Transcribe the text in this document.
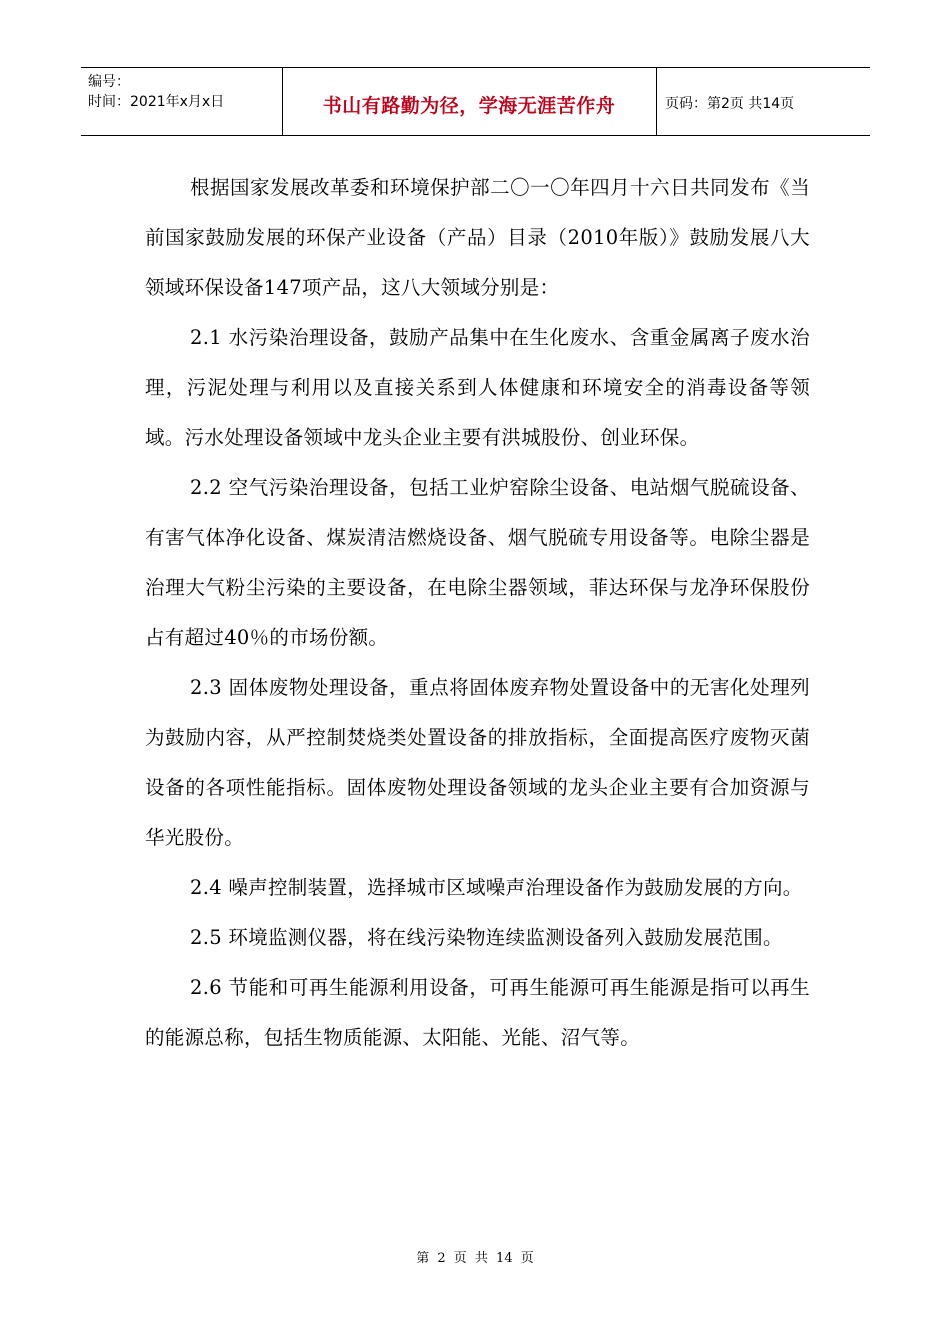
编号：
时间：2021年x月x日	书山有路勤为径，学海无涯苦作舟	页码：第2页 共14页

根据国家发展改革委和环境保护部二〇一〇年四月十六日共同发布《当前国家鼓励发展的环保产业设备（产品）目录（2010年版）》鼓励发展八大领域环保设备147项产品，这八大领域分别是：

2.1 水污染治理设备，鼓励产品集中在生化废水、含重金属离子废水治理，污泥处理与利用以及直接关系到人体健康和环境安全的消毒设备等领域。污水处理设备领域中龙头企业主要有洪城股份、创业环保。

2.2 空气污染治理设备，包括工业炉窑除尘设备、电站烟气脱硫设备、有害气体净化设备、煤炭清洁燃烧设备、烟气脱硫专用设备等。电除尘器是治理大气粉尘污染的主要设备，在电除尘器领域，菲达环保与龙净环保股份占有超过40％的市场份额。

2.3 固体废物处理设备，重点将固体废弃物处置设备中的无害化处理列为鼓励内容，从严控制焚烧类处置设备的排放指标，全面提高医疗废物灭菌设备的各项性能指标。固体废物处理设备领域的龙头企业主要有合加资源与华光股份。

2.4 噪声控制装置，选择城市区域噪声治理设备作为鼓励发展的方向。

2.5 环境监测仪器，将在线污染物连续监测设备列入鼓励发展范围。

2.6 节能和可再生能源利用设备，可再生能源可再生能源是指可以再生的能源总称，包括生物质能源、太阳能、光能、沼气等。

第 2 页 共 14 页
